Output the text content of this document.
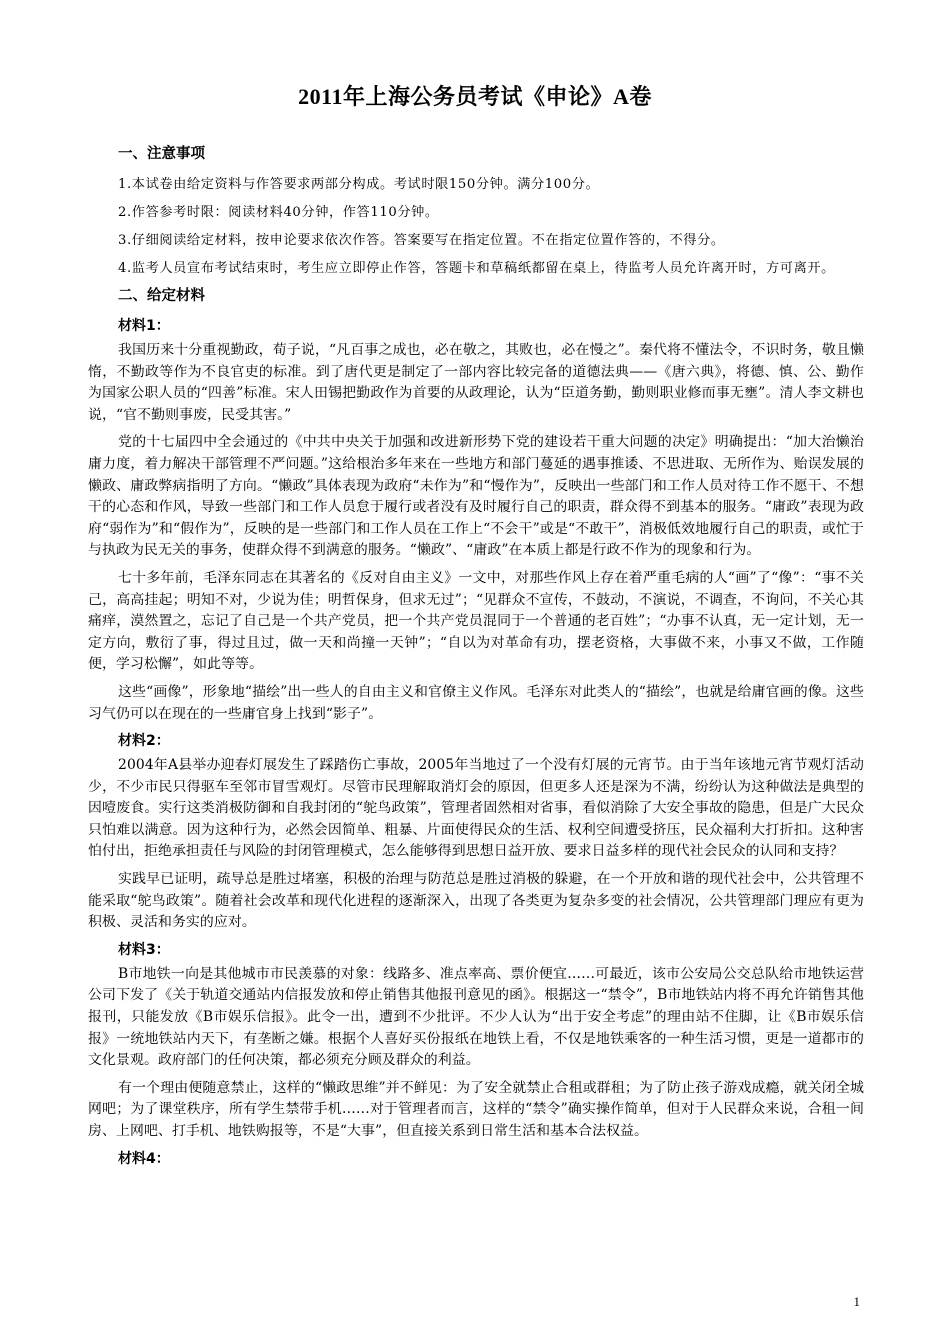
2011年上海公务员考试《申论》A卷
一、注意事项

1.本试卷由给定资料与作答要求两部分构成。考试时限150分钟。满分100分。

2.作答参考时限：阅读材料40分钟，作答110分钟。

3.仔细阅读给定材料，按申论要求依次作答。答案要写在指定位置。不在指定位置作答的，不得分。

4.监考人员宣布考试结束时，考生应立即停止作答，答题卡和草稿纸都留在桌上，待监考人员允许离开时，方可离开。

二、给定材料
材料1：

我国历来十分重视勤政，荀子说，“凡百事之成也，必在敬之，其败也，必在慢之”。秦代将不懂法令，不识时务，敬且懒惰，不勤政等作为不良官吏的标准。到了唐代更是制定了一部内容比较完备的道德法典——《唐六典》，将德、慎、公、勤作为国家公职人员的“四善”标准。宋人田锡把勤政作为首要的从政理论，认为“臣道务勤，勤则职业修而事无壅”。清人李文耕也说，“官不勤则事废，民受其害。”

党的十七届四中全会通过的《中共中央关于加强和改进新形势下党的建设若干重大问题的决定》明确提出：“加大治懒治庸力度，着力解决干部管理不严问题。”这给根治多年来在一些地方和部门蔓延的遇事推诿、不思进取、无所作为、贻误发展的懒政、庸政弊病指明了方向。“懒政”具体表现为政府“未作为”和“慢作为”，反映出一些部门和工作人员对待工作不愿干、不想干的心态和作风，导致一些部门和工作人员怠于履行或者没有及时履行自己的职责，群众得不到基本的服务。“庸政”表现为政府“弱作为”和“假作为”，反映的是一些部门和工作人员在工作上“不会干”或是“不敢干”，消极低效地履行自己的职责，或忙于与执政为民无关的事务，使群众得不到满意的服务。“懒政”、“庸政”在本质上都是行政不作为的现象和行为。

七十多年前，毛泽东同志在其著名的《反对自由主义》一文中，对那些作风上存在着严重毛病的人“画”了“像”：“事不关己，高高挂起；明知不对，少说为佳；明哲保身，但求无过”；“见群众不宣传，不鼓动，不演说，不调查，不询问，不关心其痛痒，漠然置之，忘记了自己是一个共产党员，把一个共产党员混同于一个普通的老百姓”；“办事不认真，无一定计划，无一定方向，敷衍了事，得过且过，做一天和尚撞一天钟”；“自以为对革命有功，摆老资格，大事做不来，小事又不做，工作随便，学习松懈”，如此等等。

这些“画像”，形象地“描绘”出一些人的自由主义和官僚主义作风。毛泽东对此类人的“描绘”，也就是给庸官画的像。这些习气仍可以在现在的一些庸官身上找到“影子”。

材料2：

2004年A县举办迎春灯展发生了踩踏伤亡事故，2005年当地过了一个没有灯展的元宵节。由于当年该地元宵节观灯活动少，不少市民只得驱车至邻市冒雪观灯。尽管市民理解取消灯会的原因，但更多人还是深为不满，纷纷认为这种做法是典型的因噎废食。实行这类消极防御和自我封闭的“鸵鸟政策”，管理者固然相对省事，看似消除了大安全事故的隐患，但是广大民众只怕难以满意。因为这种行为，必然会因简单、粗暴、片面使得民众的生活、权利空间遭受挤压，民众福利大打折扣。这种害怕付出，拒绝承担责任与风险的封闭管理模式，怎么能够得到思想日益开放、要求日益多样的现代社会民众的认同和支持？

实践早已证明，疏导总是胜过堵塞，积极的治理与防范总是胜过消极的躲避，在一个开放和谐的现代社会中，公共管理不能采取“鸵鸟政策”。随着社会改革和现代化进程的逐渐深入，出现了各类更为复杂多变的社会情况，公共管理部门理应有更为积极、灵活和务实的应对。

材料3：

B市地铁一向是其他城市市民羡慕的对象：线路多、准点率高、票价便宜……可最近，该市公安局公交总队给市地铁运营公司下发了《关于轨道交通站内信报发放和停止销售其他报刊意见的函》。根据这一“禁令”，B市地铁站内将不再允许销售其他报刊，只能发放《B市娱乐信报》。此令一出，遭到不少批评。不少人认为“出于安全考虑”的理由站不住脚，让《B市娱乐信报》一统地铁站内天下，有垄断之嫌。根据个人喜好买份报纸在地铁上看，不仅是地铁乘客的一种生活习惯，更是一道都市的文化景观。政府部门的任何决策，都必须充分顾及群众的利益。

有一个理由便随意禁止，这样的“懒政思维”并不鲜见：为了安全就禁止合租或群租；为了防止孩子游戏成瘾，就关闭全城网吧；为了课堂秩序，所有学生禁带手机……对于管理者而言，这样的“禁令”确实操作简单，但对于人民群众来说，合租一间房、上网吧、打手机、地铁购报等，不是“大事”，但直接关系到日常生活和基本合法权益。

材料4：
1
